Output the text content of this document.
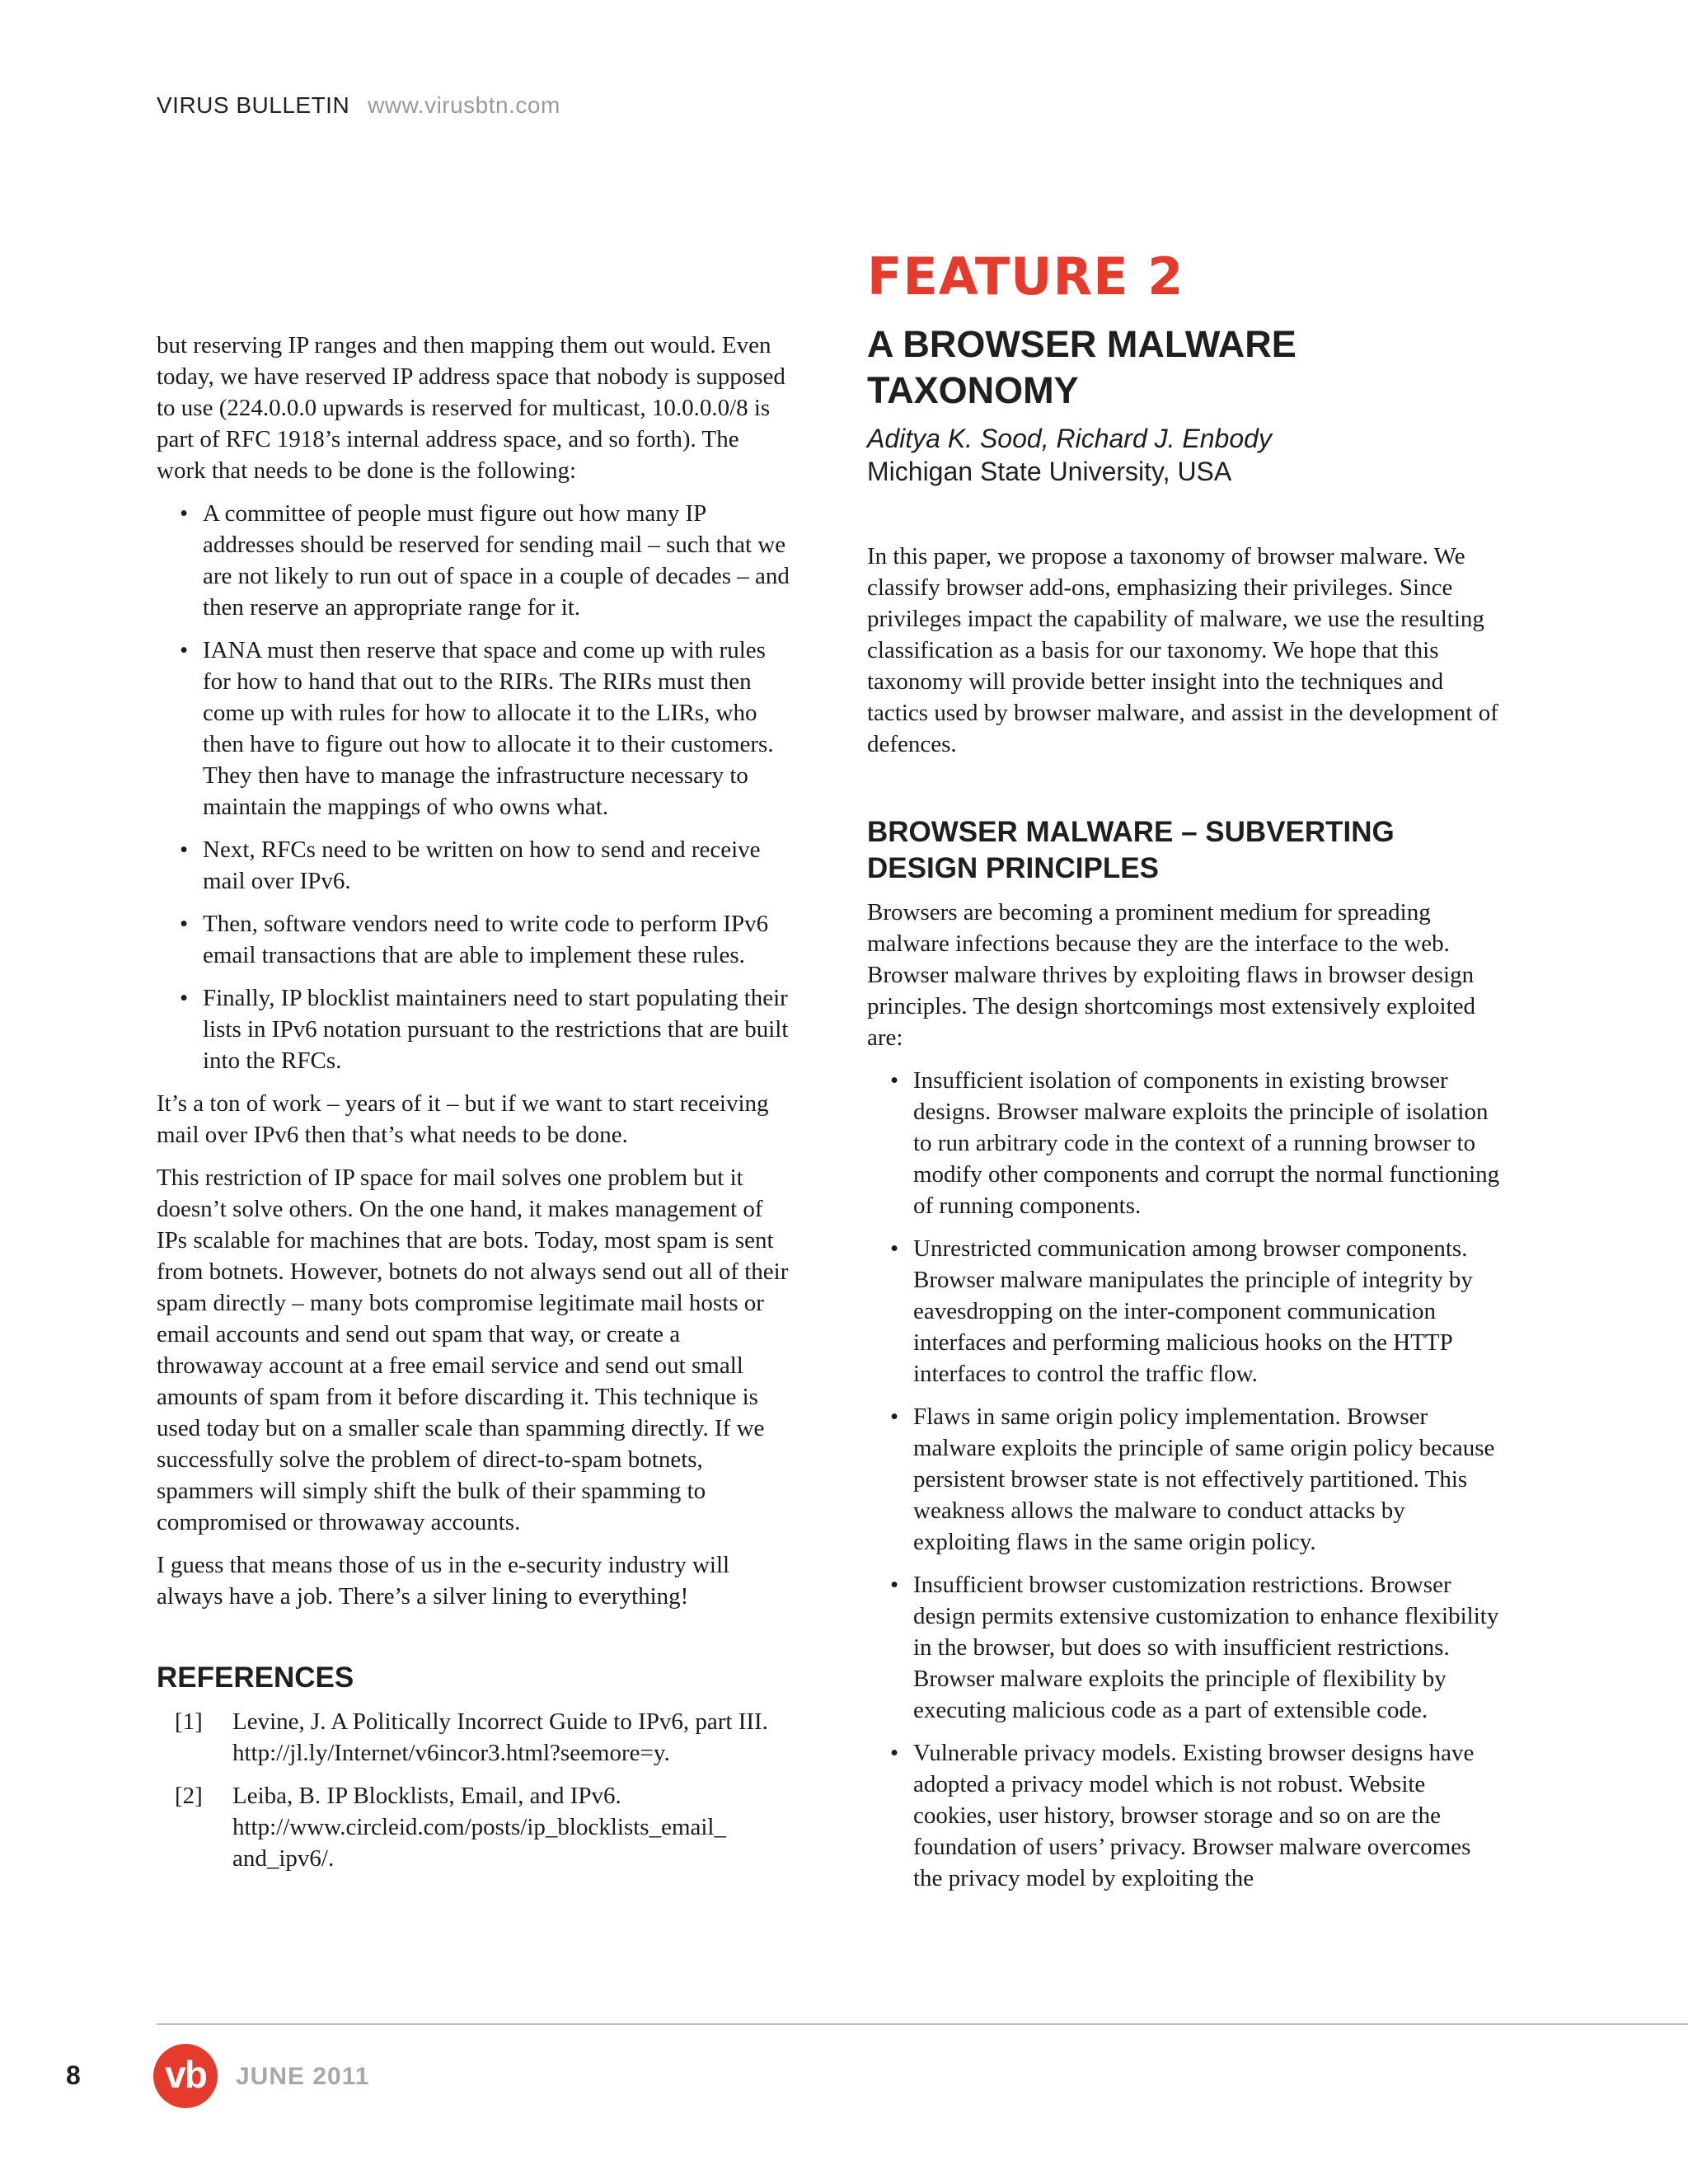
VIRUS BULLETIN www.virusbtn.com

but reserving IP ranges and then mapping them out would. Even today, we have reserved IP address space that nobody is supposed to use (224.0.0.0 upwards is reserved for multicast, 10.0.0.0/8 is part of RFC 1918’s internal address space, and so forth). The work that needs to be done is the following:

• A committee of people must figure out how many IP addresses should be reserved for sending mail – such that we are not likely to run out of space in a couple of decades – and then reserve an appropriate range for it.
• IANA must then reserve that space and come up with rules for how to hand that out to the RIRs. The RIRs must then come up with rules for how to allocate it to the LIRs, who then have to figure out how to allocate it to their customers. They then have to manage the infrastructure necessary to maintain the mappings of who owns what.
• Next, RFCs need to be written on how to send and receive mail over IPv6.
• Then, software vendors need to write code to perform IPv6 email transactions that are able to implement these rules.
• Finally, IP blocklist maintainers need to start populating their lists in IPv6 notation pursuant to the restrictions that are built into the RFCs.

It’s a ton of work – years of it – but if we want to start receiving mail over IPv6 then that’s what needs to be done.

This restriction of IP space for mail solves one problem but it doesn’t solve others. On the one hand, it makes management of IPs scalable for machines that are bots. Today, most spam is sent from botnets. However, botnets do not always send out all of their spam directly – many bots compromise legitimate mail hosts or email accounts and send out spam that way, or create a throwaway account at a free email service and send out small amounts of spam from it before discarding it. This technique is used today but on a smaller scale than spamming directly. If we successfully solve the problem of direct-to-spam botnets, spammers will simply shift the bulk of their spamming to compromised or throwaway accounts.

I guess that means those of us in the e-security industry will always have a job. There’s a silver lining to everything!

REFERENCES
[1] Levine, J. A Politically Incorrect Guide to IPv6, part III. http://jl.ly/Internet/v6incor3.html?seemore=y.
[2] Leiba, B. IP Blocklists, Email, and IPv6. http://www.circleid.com/posts/ip_blocklists_email_ and_ipv6/.
FEATURE 2
A BROWSER MALWARE TAXONOMY
Aditya K. Sood, Richard J. Enbody
Michigan State University, USA

In this paper, we propose a taxonomy of browser malware. We classify browser add-ons, emphasizing their privileges. Since privileges impact the capability of malware, we use the resulting classification as a basis for our taxonomy. We hope that this taxonomy will provide better insight into the techniques and tactics used by browser malware, and assist in the development of defences.

BROWSER MALWARE – SUBVERTING DESIGN PRINCIPLES

Browsers are becoming a prominent medium for spreading malware infections because they are the interface to the web. Browser malware thrives by exploiting flaws in browser design principles. The design shortcomings most extensively exploited are:

• Insufficient isolation of components in existing browser designs. Browser malware exploits the principle of isolation to run arbitrary code in the context of a running browser to modify other components and corrupt the normal functioning of running components.
• Unrestricted communication among browser components. Browser malware manipulates the principle of integrity by eavesdropping on the inter-component communication interfaces and performing malicious hooks on the HTTP interfaces to control the traffic flow.
• Flaws in same origin policy implementation. Browser malware exploits the principle of same origin policy because persistent browser state is not effectively partitioned. This weakness allows the malware to conduct attacks by exploiting flaws in the same origin policy.
• Insufficient browser customization restrictions. Browser design permits extensive customization to enhance flexibility in the browser, but does so with insufficient restrictions. Browser malware exploits the principle of flexibility by executing malicious code as a part of extensible code.
• Vulnerable privacy models. Existing browser designs have adopted a privacy model which is not robust. Website cookies, user history, browser storage and so on are the foundation of users’ privacy. Browser malware overcomes the privacy model by exploiting the
8	vb	JUNE 2011
